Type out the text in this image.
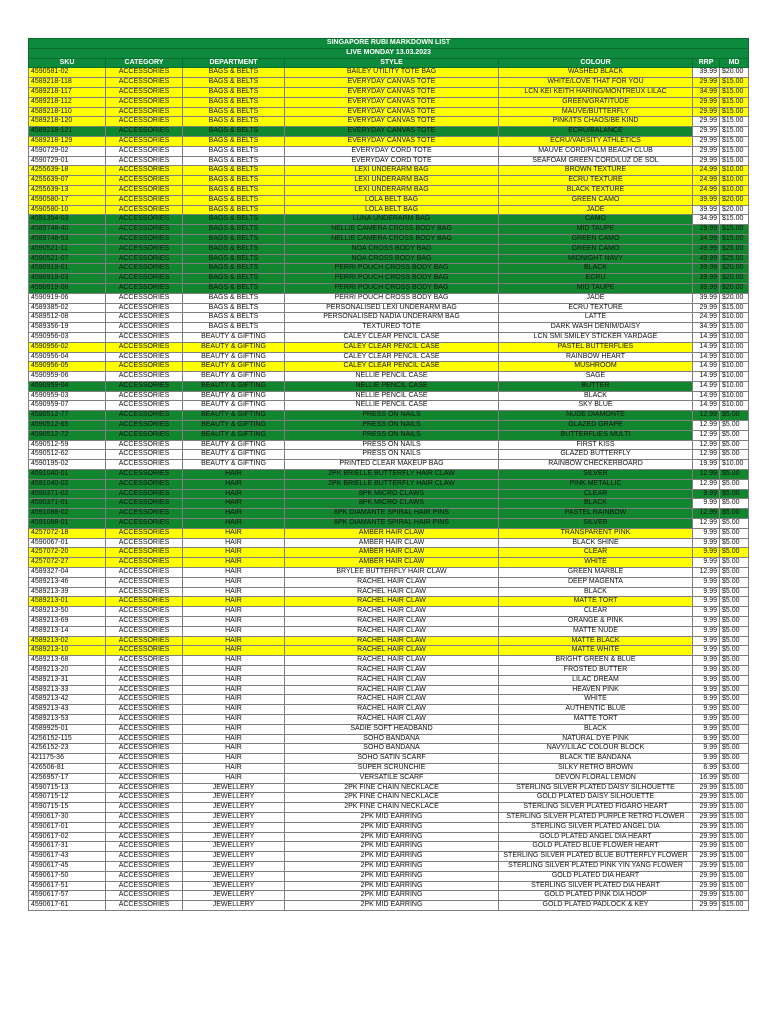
SINGAPORE RUBI MARKDOWN LIST						
LIVE MONDAY 13.03.2023						
SKU	CATEGORY	DEPARTMENT	STYLE	COLOUR	RRP	MD
4590581-02	ACCESSORIES	BAGS & BELTS	BAILEY UTILITY TOTE BAG	WASHED BLACK	39.99	$20.00
4589218-118	ACCESSORIES	BAGS & BELTS	EVERYDAY CANVAS TOTE	WHITE/LOVE THAT FOR YOU	29.99	$15.00
4589218-117	ACCESSORIES	BAGS & BELTS	EVERYDAY CANVAS TOTE	LCN KEI KEITH HARING/MONTREUX LILAC	34.99	$15.00
4589218-112	ACCESSORIES	BAGS & BELTS	EVERYDAY CANVAS TOTE	GREEN/GRATITUDE	29.99	$15.00
4589218-110	ACCESSORIES	BAGS & BELTS	EVERYDAY CANVAS TOTE	MAUVE/BUTTERFLY	29.99	$15.00
4589218-120	ACCESSORIES	BAGS & BELTS	EVERYDAY CANVAS TOTE	PINK/ITS CHAOS/BE KIND	29.99	$15.00
4589218-121	ACCESSORIES	BAGS & BELTS	EVERYDAY CANVAS TOTE	ECRU/BALANCE	29.99	$15.00
4589218-129	ACCESSORIES	BAGS & BELTS	EVERYDAY CANVAS TOTE	ECRU/VARSITY ATHLETICS	29.99	$15.00
4590729-02	ACCESSORIES	BAGS & BELTS	EVERYDAY CORD TOTE	MAUVE CORD/PALM BEACH CLUB	29.99	$15.00
4590729-01	ACCESSORIES	BAGS & BELTS	EVERYDAY CORD TOTE	SEAFOAM GREEN CORD/LUZ DE SOL	29.99	$15.00
4255639-18	ACCESSORIES	BAGS & BELTS	LEXI UNDERARM BAG	BROWN TEXTURE	24.99	$10.00
4255639-07	ACCESSORIES	BAGS & BELTS	LEXI UNDERARM BAG	ECRU TEXTURE	24.99	$10.00
4255639-13	ACCESSORIES	BAGS & BELTS	LEXI UNDERARM BAG	BLACK TEXTURE	24.99	$10.00
4590580-17	ACCESSORIES	BAGS & BELTS	LOLA BELT BAG	GREEN CAMO	39.99	$20.00
4590580-10	ACCESSORIES	BAGS & BELTS	LOLA BELT BAG	JADE	39.99	$20.00
4591354-03	ACCESSORIES	BAGS & BELTS	LUNA UNDERARM BAG	CAMO	34.99	$15.00
4589748-40	ACCESSORIES	BAGS & BELTS	NELLIE CAMERA CROSS BODY BAG	MID TAUPE	29.99	$15.00
4589748-53	ACCESSORIES	BAGS & BELTS	NELLIE CAMERA CROSS BODY BAG	GREEN CAMO	34.99	$15.00
4590521-11	ACCESSORIES	BAGS & BELTS	NOA CROSS BODY BAG	GREEN CAMO	49.99	$25.00
4590521-07	ACCESSORIES	BAGS & BELTS	NOA CROSS BODY BAG	MIDNIGHT NAVY	49.99	$25.00
4590919-01	ACCESSORIES	BAGS & BELTS	PERRI POUCH CROSS BODY BAG	BLACK	39.99	$20.00
4590919-03	ACCESSORIES	BAGS & BELTS	PERRI POUCH CROSS BODY BAG	ECRU	39.99	$20.00
4590919-08	ACCESSORIES	BAGS & BELTS	PERRI POUCH CROSS BODY BAG	MID TAUPE	39.99	$20.00
4590919-06	ACCESSORIES	BAGS & BELTS	PERRI POUCH CROSS BODY BAG	JADE	39.99	$20.00
4589385-02	ACCESSORIES	BAGS & BELTS	PERSONALISED LEXI UNDERARM BAG	ECRU TEXTURE	29.99	$15.00
4589512-08	ACCESSORIES	BAGS & BELTS	PERSONALISED NADIA UNDERARM BAG	LATTE	24.99	$10.00
4589356-19	ACCESSORIES	BAGS & BELTS	TEXTURED TOTE	DARK WASH DENIM/DAISY	34.99	$15.00
4590956-03	ACCESSORIES	BEAUTY & GIFTING	CALEY CLEAR PENCIL CASE	LCN SMI SMILEY STICKER YARDAGE	14.99	$10.00
4590956-02	ACCESSORIES	BEAUTY & GIFTING	CALEY CLEAR PENCIL CASE	PASTEL BUTTERFLIES	14.99	$10.00
4590956-04	ACCESSORIES	BEAUTY & GIFTING	CALEY CLEAR PENCIL CASE	RAINBOW HEART	14.99	$10.00
4590956-05	ACCESSORIES	BEAUTY & GIFTING	CALEY CLEAR PENCIL CASE	MUSHROOM	14.99	$10.00
4590959-06	ACCESSORIES	BEAUTY & GIFTING	NELLIE PENCIL CASE	SAGE	14.99	$10.00
4590959-04	ACCESSORIES	BEAUTY & GIFTING	NELLIE PENCIL CASE	BUTTER	14.99	$10.00
4590959-03	ACCESSORIES	BEAUTY & GIFTING	NELLIE PENCIL CASE	BLACK	14.99	$10.00
4590959-07	ACCESSORIES	BEAUTY & GIFTING	NELLIE PENCIL CASE	SKY BLUE	14.99	$10.00
4590512-77	ACCESSORIES	BEAUTY & GIFTING	PRESS ON NAILS	NUDE DIAMONTE	12.99	$5.00
4590512-65	ACCESSORIES	BEAUTY & GIFTING	PRESS ON NAILS	GLAZED GRAPE	12.99	$5.00
4590512-72	ACCESSORIES	BEAUTY & GIFTING	PRESS ON NAILS	BUTTERFLIES MULTI	12.99	$5.00
4590512-59	ACCESSORIES	BEAUTY & GIFTING	PRESS ON NAILS	FIRST KISS	12.99	$5.00
4590512-62	ACCESSORIES	BEAUTY & GIFTING	PRESS ON NAILS	GLAZED BUTTERFLY	12.99	$5.00
4590195-02	ACCESSORIES	BEAUTY & GIFTING	PRINTED CLEAR MAKEUP BAG	RAINBOW CHECKERBOARD	19.99	$10.00
4591040-01	ACCESSORIES	HAIR	2PK BRIELLE BUTTERFLY HAIR CLAW	SILVER	12.99	$5.00
4591040-02	ACCESSORIES	HAIR	2PK BRIELLE BUTTERFLY HAIR CLAW	PINK METALLIC	12.99	$5.00
4590371-02	ACCESSORIES	HAIR	8PK MICRO CLAWS	CLEAR	9.99	$5.00
4590371-01	ACCESSORIES	HAIR	8PK MICRO CLAWS	BLACK	9.99	$5.00
4591088-02	ACCESSORIES	HAIR	8PK DIAMANTE SPIRAL HAIR PINS	PASTEL RAINBOW	12.99	$5.00
4591088-01	ACCESSORIES	HAIR	8PK DIAMANTE SPIRAL HAIR PINS	SILVER	12.99	$5.00
4257072-18	ACCESSORIES	HAIR	AMBER HAIR CLAW	TRANSPARENT PINK	9.99	$5.00
4590067-01	ACCESSORIES	HAIR	AMBER HAIR CLAW	BLACK SHINE	9.99	$5.00
4257072-20	ACCESSORIES	HAIR	AMBER HAIR CLAW	CLEAR	9.99	$5.00
4257072-27	ACCESSORIES	HAIR	AMBER HAIR CLAW	WHITE	9.99	$5.00
4589327-04	ACCESSORIES	HAIR	BRYLEE BUTTERFLY HAIR CLAW	GREEN MARBLE	12.99	$5.00
4589213-46	ACCESSORIES	HAIR	RACHEL HAIR CLAW	DEEP MAGENTA	9.99	$5.00
4589213-39	ACCESSORIES	HAIR	RACHEL HAIR CLAW	BLACK	9.99	$5.00
4589213-01	ACCESSORIES	HAIR	RACHEL HAIR CLAW	MATTE TORT	9.99	$5.00
4589213-50	ACCESSORIES	HAIR	RACHEL HAIR CLAW	CLEAR	9.99	$5.00
4589213-69	ACCESSORIES	HAIR	RACHEL HAIR CLAW	ORANGE & PINK	9.99	$5.00
4589213-14	ACCESSORIES	HAIR	RACHEL HAIR CLAW	MATTE NUDE	9.99	$5.00
4589213-02	ACCESSORIES	HAIR	RACHEL HAIR CLAW	MATTE BLACK	9.99	$5.00
4589213-10	ACCESSORIES	HAIR	RACHEL HAIR CLAW	MATTE WHITE	9.99	$5.00
4589213-68	ACCESSORIES	HAIR	RACHEL HAIR CLAW	BRIGHT GREEN & BLUE	9.99	$5.00
4589213-20	ACCESSORIES	HAIR	RACHEL HAIR CLAW	FROSTED BUTTER	9.99	$5.00
4589213-31	ACCESSORIES	HAIR	RACHEL HAIR CLAW	LILAC DREAM	9.99	$5.00
4589213-33	ACCESSORIES	HAIR	RACHEL HAIR CLAW	HEAVEN PINK	9.99	$5.00
4589213-42	ACCESSORIES	HAIR	RACHEL HAIR CLAW	WHITE	9.99	$5.00
4589213-43	ACCESSORIES	HAIR	RACHEL HAIR CLAW	AUTHENTIC BLUE	9.99	$5.00
4589213-53	ACCESSORIES	HAIR	RACHEL HAIR CLAW	MATTE TORT	9.99	$5.00
4589925-01	ACCESSORIES	HAIR	SADIE SOFT HEADBAND	BLACK	9.99	$5.00
4256152-115	ACCESSORIES	HAIR	SOHO BANDANA	NATURAL DYE PINK	9.99	$5.00
4256152-23	ACCESSORIES	HAIR	SOHO BANDANA	NAVY/LILAC COLOUR BLOCK	9.99	$5.00
421175-36	ACCESSORIES	HAIR	SOHO SATIN SCARF	BLACK TIE BANDANA	9.99	$5.00
426506-81	ACCESSORIES	HAIR	SUPER SCRUNCHIE	SILKY RETRO BROWN	6.99	$3.00
4256957-17	ACCESSORIES	HAIR	VERSATILE SCARF	DEVON FLORAL LEMON	16.99	$5.00
4590715-13	ACCESSORIES	JEWELLERY	2PK FINE CHAIN NECKLACE	STERLING SILVER PLATED DAISY SILHOUETTE	29.99	$15.00
4590715-12	ACCESSORIES	JEWELLERY	2PK FINE CHAIN NECKLACE	GOLD PLATED DAISY SILHOUETTE	29.99	$15.00
4590715-15	ACCESSORIES	JEWELLERY	2PK FINE CHAIN NECKLACE	STERLING SILVER PLATED FIGARO HEART	29.99	$15.00
4590617-30	ACCESSORIES	JEWELLERY	2PK MID EARRING	STERLING SILVER PLATED PURPLE RETRO FLOWER	29.99	$15.00
4590617-01	ACCESSORIES	JEWELLERY	2PK MID EARRING	STERLING SILVER PLATED ANGEL DIA	29.99	$15.00
4590617-02	ACCESSORIES	JEWELLERY	2PK MID EARRING	GOLD PLATED ANGEL DIA HEART	29.99	$15.00
4590617-31	ACCESSORIES	JEWELLERY	2PK MID EARRING	GOLD PLATED BLUE FLOWER HEART	29.99	$15.00
4590617-43	ACCESSORIES	JEWELLERY	2PK MID EARRING	STERLING SILVER PLATED BLUE BUTTERFLY FLOWER	29.99	$15.00
4590617-45	ACCESSORIES	JEWELLERY	2PK MID EARRING	STERLING SILVER PLATED PINK YIN YANG FLOWER	29.99	$15.00
4590617-50	ACCESSORIES	JEWELLERY	2PK MID EARRING	GOLD PLATED DIA HEART	29.99	$15.00
4590617-51	ACCESSORIES	JEWELLERY	2PK MID EARRING	STERLING SILVER PLATED DIA HEART	29.99	$15.00
4590617-57	ACCESSORIES	JEWELLERY	2PK MID EARRING	GOLD PLATED PINK DIA HOOP	29.99	$15.00
4590617-61	ACCESSORIES	JEWELLERY	2PK MID EARRING	GOLD PLATED PADLOCK & KEY	29.99	$15.00
